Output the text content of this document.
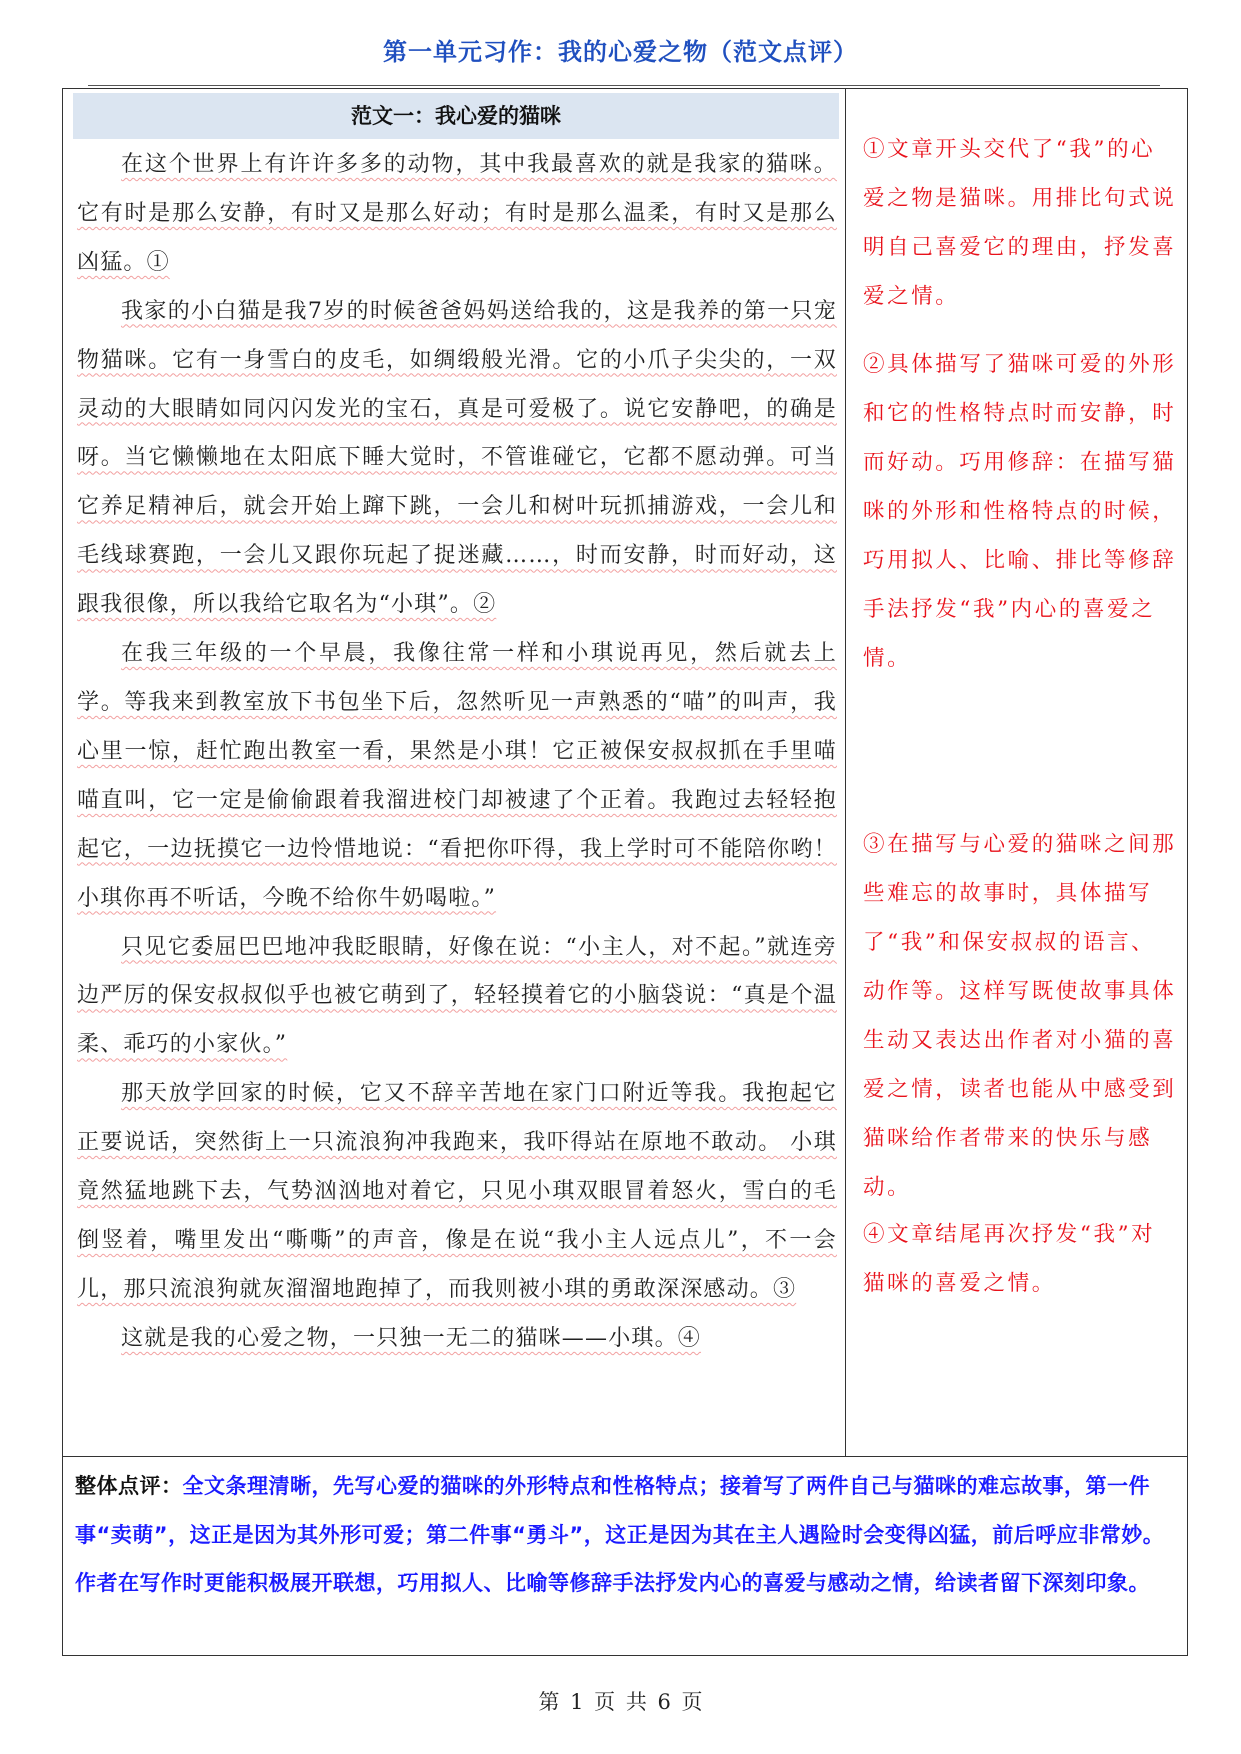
第一单元习作：我的心爱之物（范文点评）
范文一：我心爱的猫咪

在这个世界上有许许多多的动物，其中我最喜欢的就是我家的猫咪。它有时是那么安静，有时又是那么好动；有时是那么温柔，有时又是那么凶猛。①

我家的小白猫是我7岁的时候爸爸妈妈送给我的，这是我养的第一只宠物猫咪。它有一身雪白的皮毛，如绸缎般光滑。它的小爪子尖尖的，一双灵动的大眼睛如同闪闪发光的宝石，真是可爱极了。说它安静吧，的确是呀。当它懒懒地在太阳底下睡大觉时，不管谁碰它，它都不愿动弹。可当它养足精神后，就会开始上蹿下跳，一会儿和树叶玩抓捕游戏，一会儿和毛线球赛跑，一会儿又跟你玩起了捉迷藏……，时而安静，时而好动，这跟我很像，所以我给它取名为“小琪”。②

在我三年级的一个早晨，我像往常一样和小琪说再见，然后就去上学。等我来到教室放下书包坐下后，忽然听见一声熟悉的“喵”的叫声，我心里一惊，赶忙跑出教室一看，果然是小琪！它正被保安叔叔抓在手里喵喵直叫，它一定是偷偷跟着我溜进校门却被逮了个正着。我跑过去轻轻抱起它，一边抚摸它一边怜惜地说：“看把你吓得，我上学时可不能陪你哟！小琪你再不听话，今晚不给你牛奶喝啦。”

只见它委屈巴巴地冲我眨眼睛，好像在说：“小主人，对不起。”就连旁边严厉的保安叔叔似乎也被它萌到了，轻轻摸着它的小脑袋说：“真是个温柔、乖巧的小家伙。”

那天放学回家的时候，它又不辞辛苦地在家门口附近等我。我抱起它正要说话，突然街上一只流浪狗冲我跑来，我吓得站在原地不敢动。 小琪竟然猛地跳下去，气势汹汹地对着它，只见小琪双眼冒着怒火，雪白的毛倒竖着，嘴里发出“嘶嘶”的声音，像是在说“我小主人远点儿”，不一会儿，那只流浪狗就灰溜溜地跑掉了，而我则被小琪的勇敢深深感动。③

这就是我的心爱之物，一只独一无二的猫咪——小琪。④

①文章开头交代了“我”的心爱之物是猫咪。用排比句式说明自己喜爱它的理由，抒发喜爱之情。

②具体描写了猫咪可爱的外形和它的性格特点时而安静，时而好动。巧用修辞：在描写猫咪的外形和性格特点的时候，巧用拟人、比喻、排比等修辞手法抒发“我”内心的喜爱之情。

③在描写与心爱的猫咪之间那些难忘的故事时，具体描写了“我”和保安叔叔的语言、动作等。这样写既使故事具体生动又表达出作者对小猫的喜爱之情，读者也能从中感受到猫咪给作者带来的快乐与感动。

④文章结尾再次抒发“我”对猫咪的喜爱之情。

整体点评：全文条理清晰，先写心爱的猫咪的外形特点和性格特点；接着写了两件自己与猫咪的难忘故事，第一件事“卖萌”，这正是因为其外形可爱；第二件事“勇斗”，这正是因为其在主人遇险时会变得凶猛，前后呼应非常妙。作者在写作时更能积极展开联想，巧用拟人、比喻等修辞手法抒发内心的喜爱与感动之情，给读者留下深刻印象。

第 1 页 共 6 页
